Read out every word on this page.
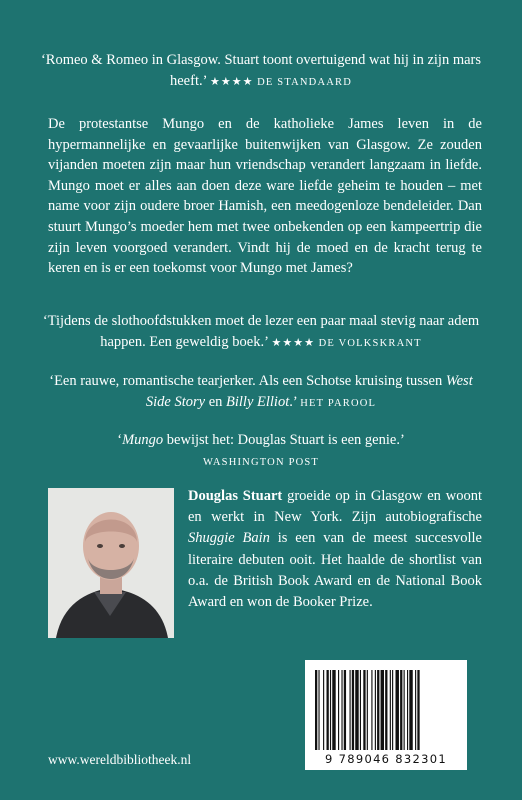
‘Romeo & Romeo in Glasgow. Stuart toont overtuigend wat hij in zijn mars heeft.’ ★★★★ DE STANDAARD
De protestantse Mungo en de katholieke James leven in de hypermannelijke en gevaarlijke buitenwijken van Glasgow. Ze zouden vijanden moeten zijn maar hun vriendschap verandert langzaam in liefde. Mungo moet er alles aan doen deze ware liefde geheim te houden – met name voor zijn oudere broer Hamish, een meedogenloze bendeleider. Dan stuurt Mungo’s moeder hem met twee onbekenden op een kampeertrip die zijn leven voorgoed verandert. Vindt hij de moed en de kracht terug te keren en is er een toekomst voor Mungo met James?
‘Tijdens de slothoofdstukken moet de lezer een paar maal stevig naar adem happen. Een geweldig boek.’ ★★★★ DE VOLKSKRANT
‘Een rauwe, romantische tearjerker. Als een Schotse kruising tussen West Side Story en Billy Elliot.’ HET PAROOL
‘Mungo bewijst het: Douglas Stuart is een genie.’
WASHINGTON POST
Douglas Stuart groeide op in Glasgow en woont en werkt in New York. Zijn autobiografische Shuggie Bain is een van de meest succesvolle literaire debuten ooit. Het haalde de shortlist van o.a. de British Book Award en de National Book Award en won de Booker Prize.
www.wereldbibliotheek.nl	9 789046 832301
